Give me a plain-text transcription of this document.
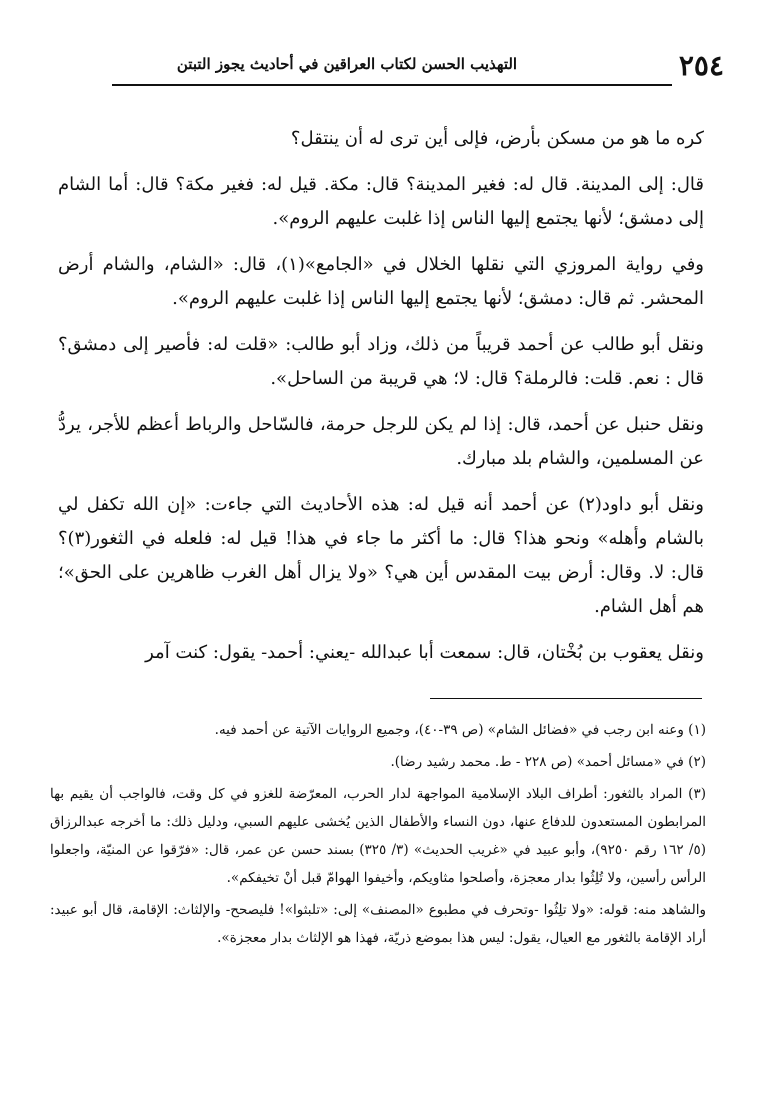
٢٥٤
التهذيب الحسن لكتاب العراقين في أحاديث يجوز التبتن

كره ما هو من مسكن بأرض، فإلى أين ترى له أن ينتقل؟

قال: إلى المدينة. قال له: فغير المدينة؟ قال: مكة. قيل له: فغير مكة؟ قال: أما الشام إلى دمشق؛ لأنها يجتمع إليها الناس إذا غلبت عليهم الروم».

وفي رواية المروزي التي نقلها الخلال في «الجامع»(١)، قال: «الشام، والشام أرض المحشر. ثم قال: دمشق؛ لأنها يجتمع إليها الناس إذا غلبت عليهم الروم».

ونقل أبو طالب عن أحمد قريباً من ذلك، وزاد أبو طالب: «قلت له: فأصير إلى دمشق؟ قال : نعم. قلت: فالرملة؟ قال: لا؛ هي قريبة من الساحل».

ونقل حنبل عن أحمد، قال: إذا لم يكن للرجل حرمة، فالسّاحل والرباط أعظم للأجر، يردُّ عن المسلمين، والشام بلد مبارك.

ونقل أبو داود(٢) عن أحمد أنه قيل له: هذه الأحاديث التي جاءت: «إن الله تكفل لي بالشام وأهله» ونحو هذا؟ قال: ما أكثر ما جاء في هذا! قيل له: فلعله في الثغور(٣)؟ قال: لا. وقال: أرض بيت المقدس أين هي؟ «ولا يزال أهل الغرب ظاهرين على الحق»؛ هم أهل الشام.

ونقل يعقوب بن بُخْتان، قال: سمعت أبا عبدالله -يعني: أحمد- يقول: كنت آمر

(١) وعنه ابن رجب في «فضائل الشام» (ص ٣٩-٤٠)، وجميع الروايات الآتية عن أحمد فيه.

(٢) في «مسائل أحمد» (ص ٢٢٨ - ط. محمد رشيد رضا).

(٣) المراد بالثغور: أطراف البلاد الإسلامية المواجهة لدار الحرب، المعرّضة للغزو في كل وقت، فالواجب أن يقيم بها المرابطون المستعدون للدفاع عنها، دون النساء والأطفال الذين يُخشى عليهم السبي، ودليل ذلك: ما أخرجه عبدالرزاق (٥/ ١٦٢ رقم ٩٢٥٠)، وأبو عبيد في «غريب الحديث» (٣/ ٣٢٥) بسند حسن عن عمر، قال: «فرّقوا عن المنيّة، واجعلوا الرأس رأسين، ولا تُلِثُوا بدار معجزة، وأصلحوا مثاويكم، وأخيفوا الهوامّ قبل أنْ تخيفكم».

والشاهد منه: قوله: «ولا تلِثُوا -وتحرف في مطبوع «المصنف» إلى: «تلبثوا»! فليصحح- والإلثاث: الإقامة، قال أبو عبيد: أراد الإقامة بالثغور مع العيال، يقول: ليس هذا بموضع ذريّة، فهذا هو الإلثاث بدار معجزة».
